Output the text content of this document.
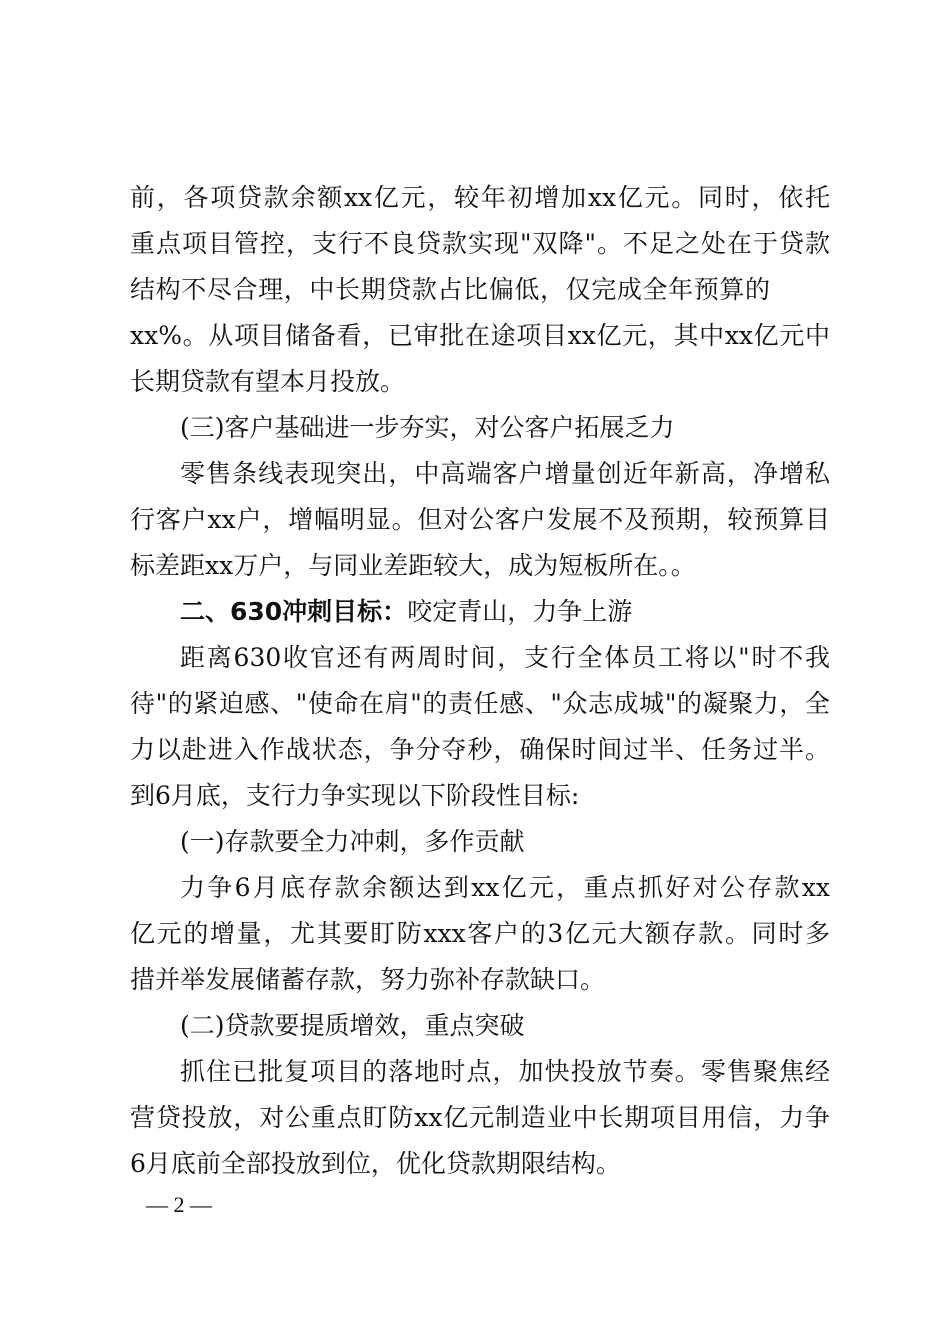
前，各项贷款余额xx亿元，较年初增加xx亿元。同时，依托
重点项目管控，支行不良贷款实现"双降"。不足之处在于贷款
结构不尽合理，中长期贷款占比偏低，仅完成全年预算的
xx%。从项目储备看，已审批在途项目xx亿元，其中xx亿元中
长期贷款有望本月投放。
(三)客户基础进一步夯实，对公客户拓展乏力
零售条线表现突出，中高端客户增量创近年新高，净增私
行客户xx户，增幅明显。但对公客户发展不及预期，较预算目
标差距xx万户，与同业差距较大，成为短板所在。。
二、630冲刺目标：咬定青山，力争上游
距离630收官还有两周时间，支行全体员工将以"时不我
待"的紧迫感、"使命在肩"的责任感、"众志成城"的凝聚力，全
力以赴进入作战状态，争分夺秒，确保时间过半、任务过半。
到6月底，支行力争实现以下阶段性目标:
(一)存款要全力冲刺，多作贡献
力争6月底存款余额达到xx亿元，重点抓好对公存款xx
亿元的增量，尤其要盯防xxx客户的3亿元大额存款。同时多
措并举发展储蓄存款，努力弥补存款缺口。
(二)贷款要提质增效，重点突破
抓住已批复项目的落地时点，加快投放节奏。零售聚焦经
营贷投放，对公重点盯防xx亿元制造业中长期项目用信，力争
6月底前全部投放到位，优化贷款期限结构。
— 2 —
